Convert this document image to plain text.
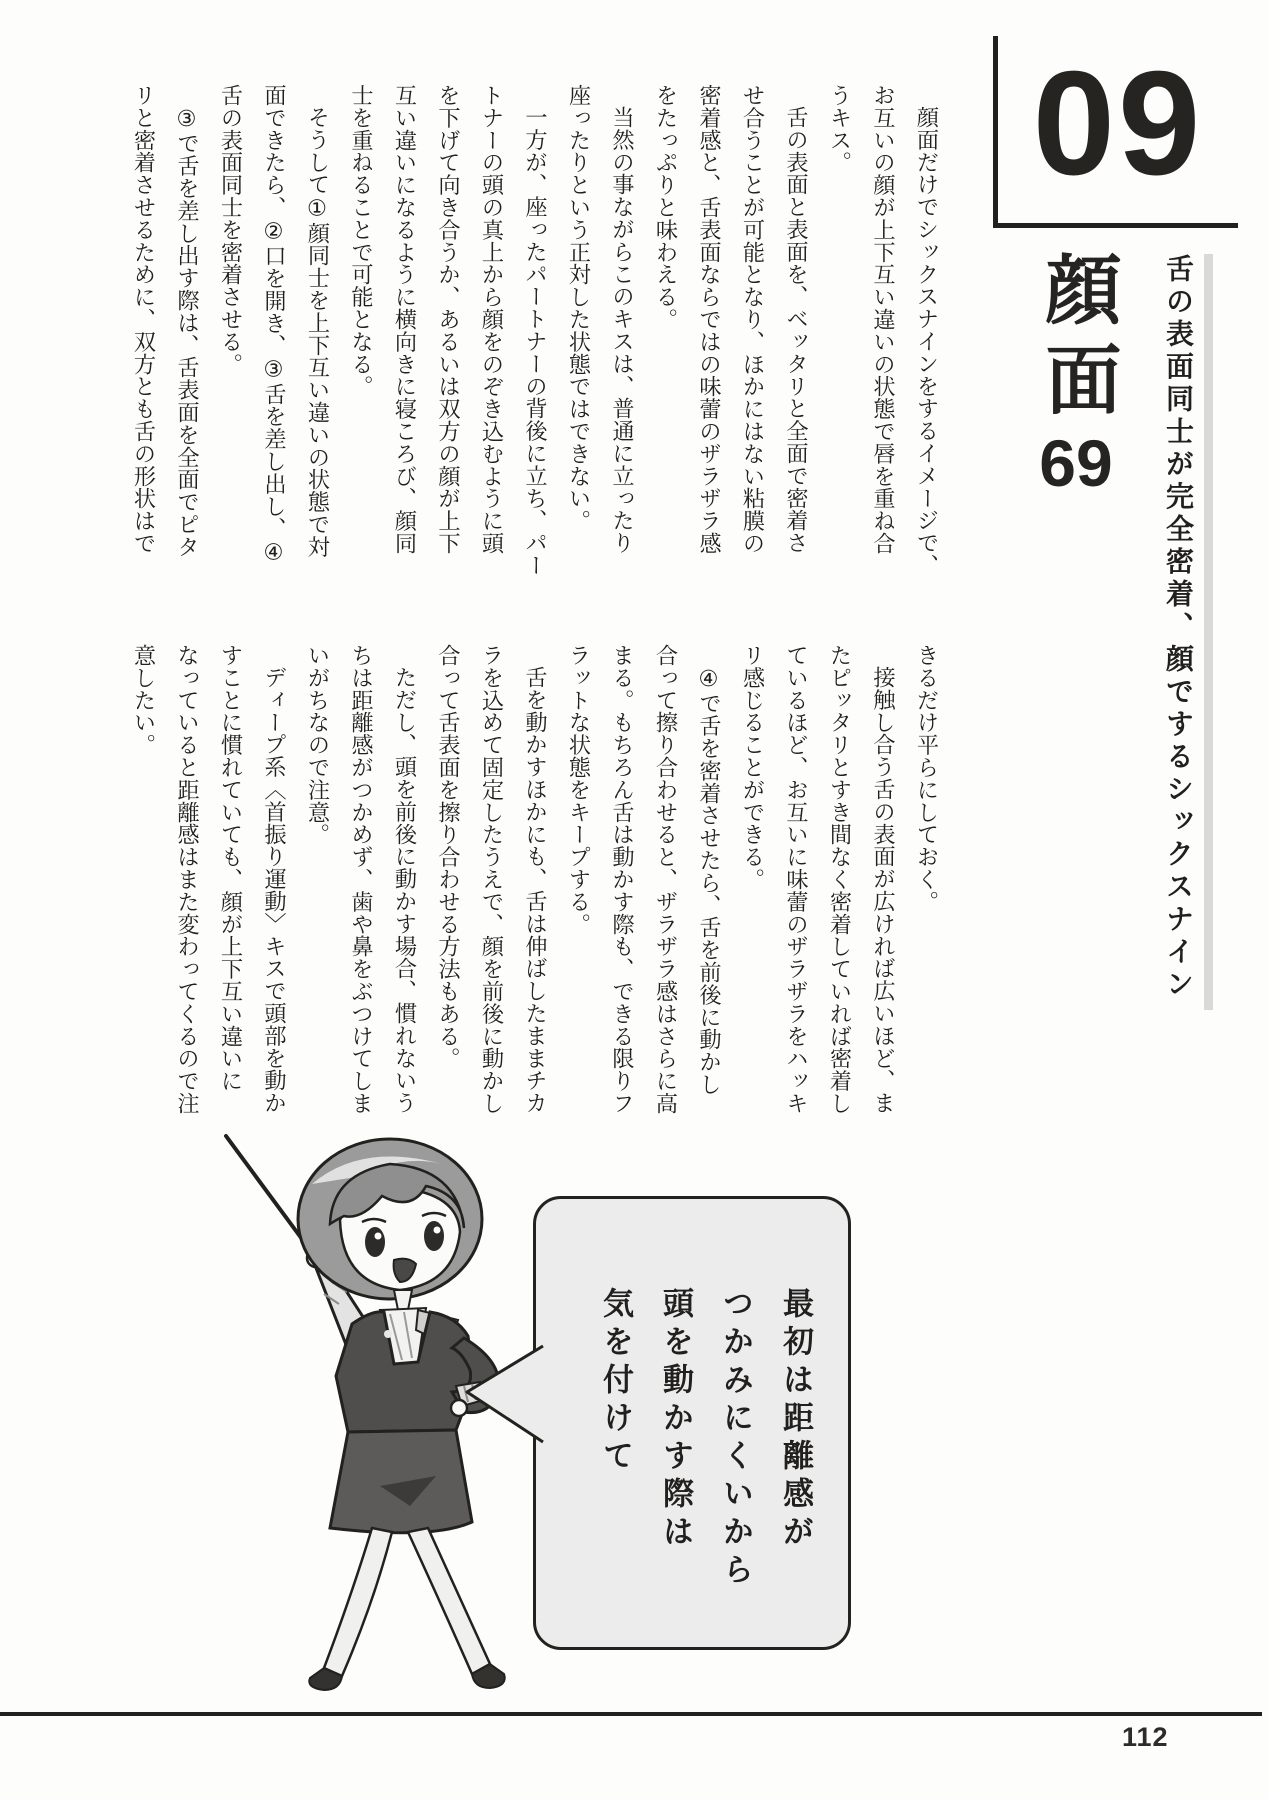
09
顔面69 舌の表面同士が完全密着、顔でするシックスナイン
顔面だけでシックスナインをするイメージで、
お互いの顔が上下互い違いの状態で唇を重ね合
うキス。
舌の表面と表面を、ベッタリと全面で密着さ
せ合うことが可能となり、ほかにはない粘膜の
密着感と、舌表面ならではの味蕾のザラザラ感
をたっぷりと味わえる。
当然の事ながらこのキスは、普通に立ったり
座ったりという正対した状態ではできない。
一方が、座ったパートナーの背後に立ち、パー
トナーの頭の真上から顔をのぞき込むように頭
を下げて向き合うか、あるいは双方の顔が上下
互い違いになるように横向きに寝ころび、顔同
士を重ねることで可能となる。
そうして①顔同士を上下互い違いの状態で対
面できたら、②口を開き、③舌を差し出し、④
舌の表面同士を密着させる。
③で舌を差し出す際は、舌表面を全面でピタ
リと密着させるために、双方とも舌の形状はで
きるだけ平らにしておく。
接触し合う舌の表面が広ければ広いほど、ま
たピッタリとすき間なく密着していれば密着し
ているほど、お互いに味蕾のザラザラをハッキ
リ感じることができる。
④で舌を密着させたら、舌を前後に動かし
合って擦り合わせると、ザラザラ感はさらに高
まる。もちろん舌は動かす際も、できる限りフ
ラットな状態をキープする。
舌を動かすほかにも、舌は伸ばしたままチカ
ラを込めて固定したうえで、顔を前後に動かし
合って舌表面を擦り合わせる方法もある。
ただし、頭を前後に動かす場合、慣れないう
ちは距離感がつかめず、歯や鼻をぶつけてしま
いがちなので注意。
ディープ系〈首振り運動〉キスで頭部を動か
すことに慣れていても、顔が上下互い違いに
なっていると距離感はまた変わってくるので注
意したい。
最初は距離感が
つかみにくいから
頭を動かす際は
気を付けて
112
